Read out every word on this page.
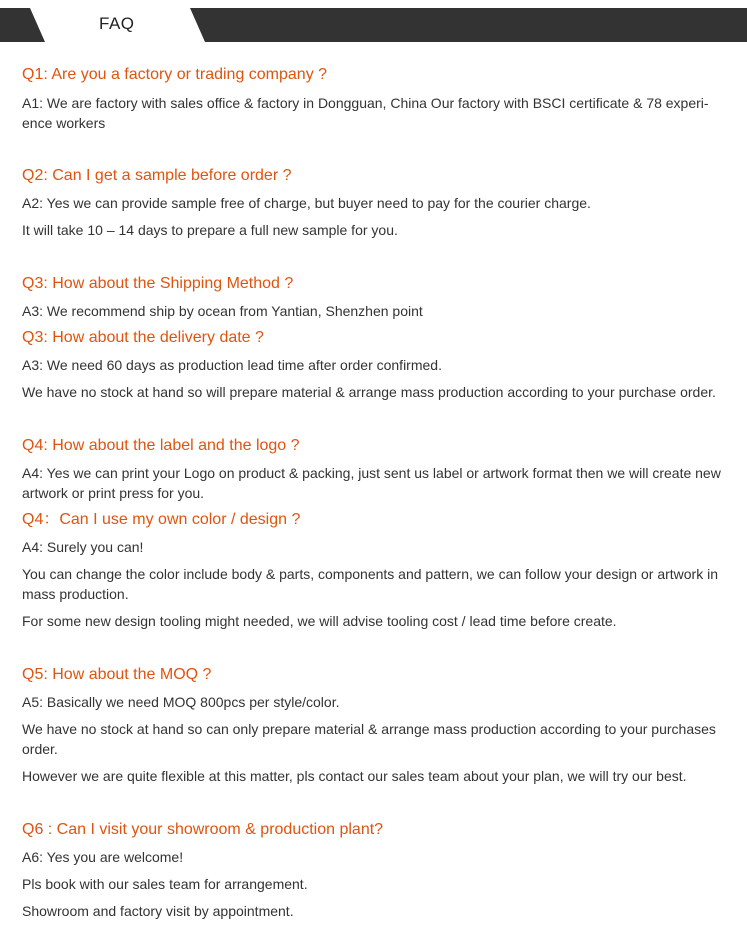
FAQ
Q1: Are you a factory or trading company ?

A1: We are factory with sales office & factory in Dongguan, China Our factory with BSCI certificate & 78 experi-ence workers

Q2: Can I get a sample before order ?

A2: Yes we can provide sample free of charge, but buyer need to pay for the courier charge.

It will take 10 – 14 days to prepare a full new sample for you.

Q3: How about the Shipping Method ?

A3: We recommend ship by ocean from Yantian, Shenzhen point

Q3: How about the delivery date ?

A3: We need 60 days as production lead time after order confirmed.

We have no stock at hand so will prepare material & arrange mass production according to your purchase order.

Q4: How about the label and the logo ?

A4: Yes we can print your Logo on product & packing, just sent us label or artwork format then we will create new artwork or print press for you.

Q4：Can I use my own color / design ?

A4: Surely you can!

You can change the color include body & parts, components and pattern, we can follow your design or artwork in mass production.

For some new design tooling might needed, we will advise tooling cost / lead time before create.

Q5: How about the MOQ ?

A5: Basically we need MOQ 800pcs per style/color.

We have no stock at hand so can only prepare material & arrange mass production according to your purchases order.

However we are quite flexible at this matter, pls contact our sales team about your plan, we will try our best.

Q6 : Can I visit your showroom & production plant?

A6: Yes you are welcome!

Pls book with our sales team for arrangement.

Showroom and factory visit by appointment.
